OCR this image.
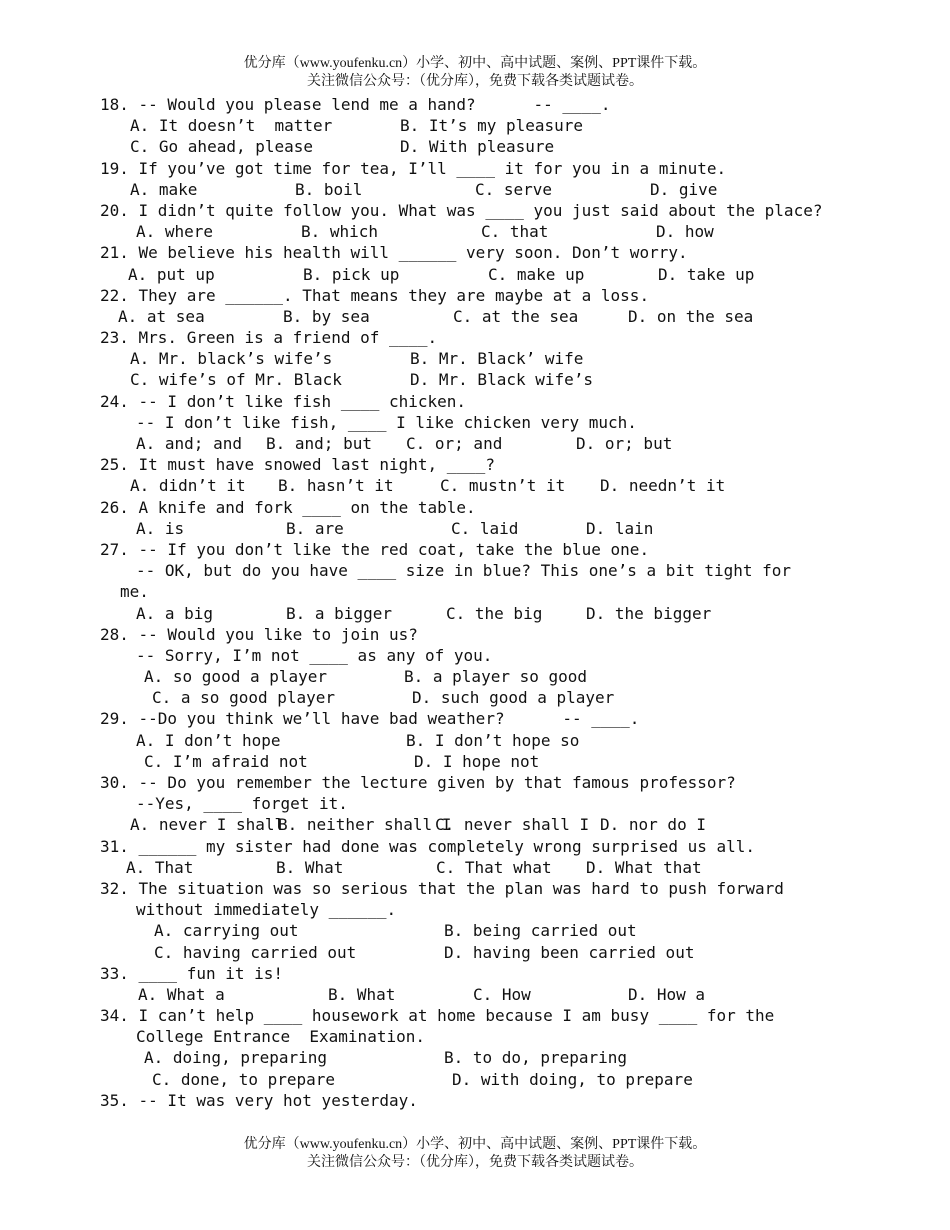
优分库（www.youfenku.cn）小学、初中、高中试题、案例、PPT课件下载。
关注微信公众号：（优分库），免费下载各类试题试卷。
18. -- Would you please lend me a hand?      -- ____.
A. It doesn’t  matter	B. It’s my pleasure
C. Go ahead, please	D. With pleasure
19. If you’ve got time for tea, I’ll ____ it for you in a minute.
A. make	B. boil	C. serve	D. give
20. I didn’t quite follow you. What was ____ you just said about the place?
A. where	B. which	C. that	D. how
21. We believe his health will ______ very soon. Don’t worry.
A. put up	B. pick up	C. make up	D. take up
22. They are ______. That means they are maybe at a loss.
A. at sea	B. by sea	C. at the sea	D. on the sea
23. Mrs. Green is a friend of ____.
A. Mr. black’s wife’s	B. Mr. Black’ wife
C. wife’s of Mr. Black	D. Mr. Black wife’s
24. -- I don’t like fish ____ chicken.
-- I don’t like fish, ____ I like chicken very much.
A. and; and B. and; but C. or; and	D. or; but
25. It must have snowed last night, ____?
A. didn’t it B. hasn’t it	C. mustn’t it D. needn’t it
26. A knife and fork ____ on the table.
A. is	B. are	C. laid	D. lain
27. -- If you don’t like the red coat, take the blue one.
-- OK, but do you have ____ size in blue? This one’s a bit tight for
me.
A. a big	B. a bigger	C. the big	D. the bigger
28. -- Would you like to join us?
-- Sorry, I’m not ____ as any of you.
A. so good a player	B. a player so good
C. a so good player	D. such good a player
29. --Do you think we’ll have bad weather?      -- ____.
A. I don’t hope	B. I don’t hope so
C. I’m afraid not	D. I hope not
30. -- Do you remember the lecture given by that famous professor?
--Yes, ____ forget it.
A. never I shall
B. neither shall I
C. never shall I D. nor do I
31. ______ my sister had done was completely wrong surprised us all.
A. That	B. What	C. That what D. What that
32. The situation was so serious that the plan was hard to push forward
without immediately ______.
A. carrying out	B. being carried out
C. having carried out	D. having been carried out
33. ____ fun it is!
A. What a	B. What	C. How	D. How a
34. I can’t help ____ housework at home because I am busy ____ for the
College Entrance  Examination.
A. doing, preparing	B. to do, preparing
C. done, to prepare	D. with doing, to prepare
35. -- It was very hot yesterday.
优分库（www.youfenku.cn）小学、初中、高中试题、案例、PPT课件下载。
关注微信公众号：（优分库），免费下载各类试题试卷。
